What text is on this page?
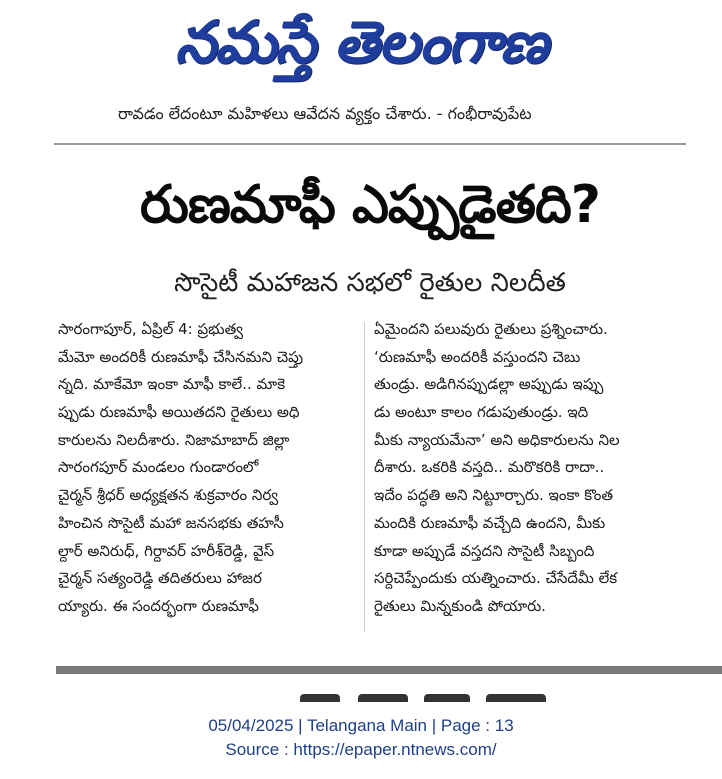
నమస్తే తెలంగాణ
రావడం లేదంటూ మహిళలు ఆవేదన వ్యక్తం చేశారు. - గంభీరావుపేట
రుణమాఫీ ఎప్పుడైతది?
సొసైటీ మహాజన సభలో రైతుల నిలదీత
సారంగాపూర్, ఏప్రిల్ 4: ప్రభుత్వ
మేమో అందరికీ రుణమాఫీ చేసినమని చెప్తు
న్నది. మాకేమో ఇంకా మాఫీ కాలే.. మాకె
ప్పుడు రుణమాఫీ అయితదని రైతులు అధి
కారులను నిలదీశారు. నిజామాబాద్ జిల్లా
సారంగపూర్ మండలం గుండారంలో
చైర్మన్ శ్రీధర్ అధ్యక్షతన శుక్రవారం నిర్వ
హించిన సొసైటీ మహా జనసభకు తహసీ
ల్దార్ అనిరుధ్, గిర్దావర్ హరీశ్‌రెడ్డి, వైస్
చైర్మన్ సత్యంరెడ్డి తదితరులు హాజర
య్యారు. ఈ సందర్భంగా రుణమాఫీ
ఏమైందని పలువురు రైతులు ప్రశ్నించారు.
‘రుణమాఫీ అందరికీ వస్తుందని చెబు
తుండ్రు. అడిగినప్పుడల్లా అప్పుడు ఇప్పు
డు అంటూ కాలం గడుపుతుండ్రు. ఇది
మీకు న్యాయమేనా’ అని అధికారులను నిల
దీశారు. ఒకరికి వస్తది.. మరొకరికి రాదా..
ఇదేం పద్ధతి అని నిట్టూర్చారు. ఇంకా కొంత
మందికి రుణమాఫీ వచ్చేది ఉందని, మీకు
కూడా అప్పుడే వస్తదని సొసైటీ సిబ్బంది
సర్దిచెప్పేందుకు యత్నించారు. చేసేదేమీ లేక
రైతులు మిన్నకుండి పోయారు.
05/04/2025 | Telangana Main | Page : 13
Source : https://epaper.ntnews.com/
